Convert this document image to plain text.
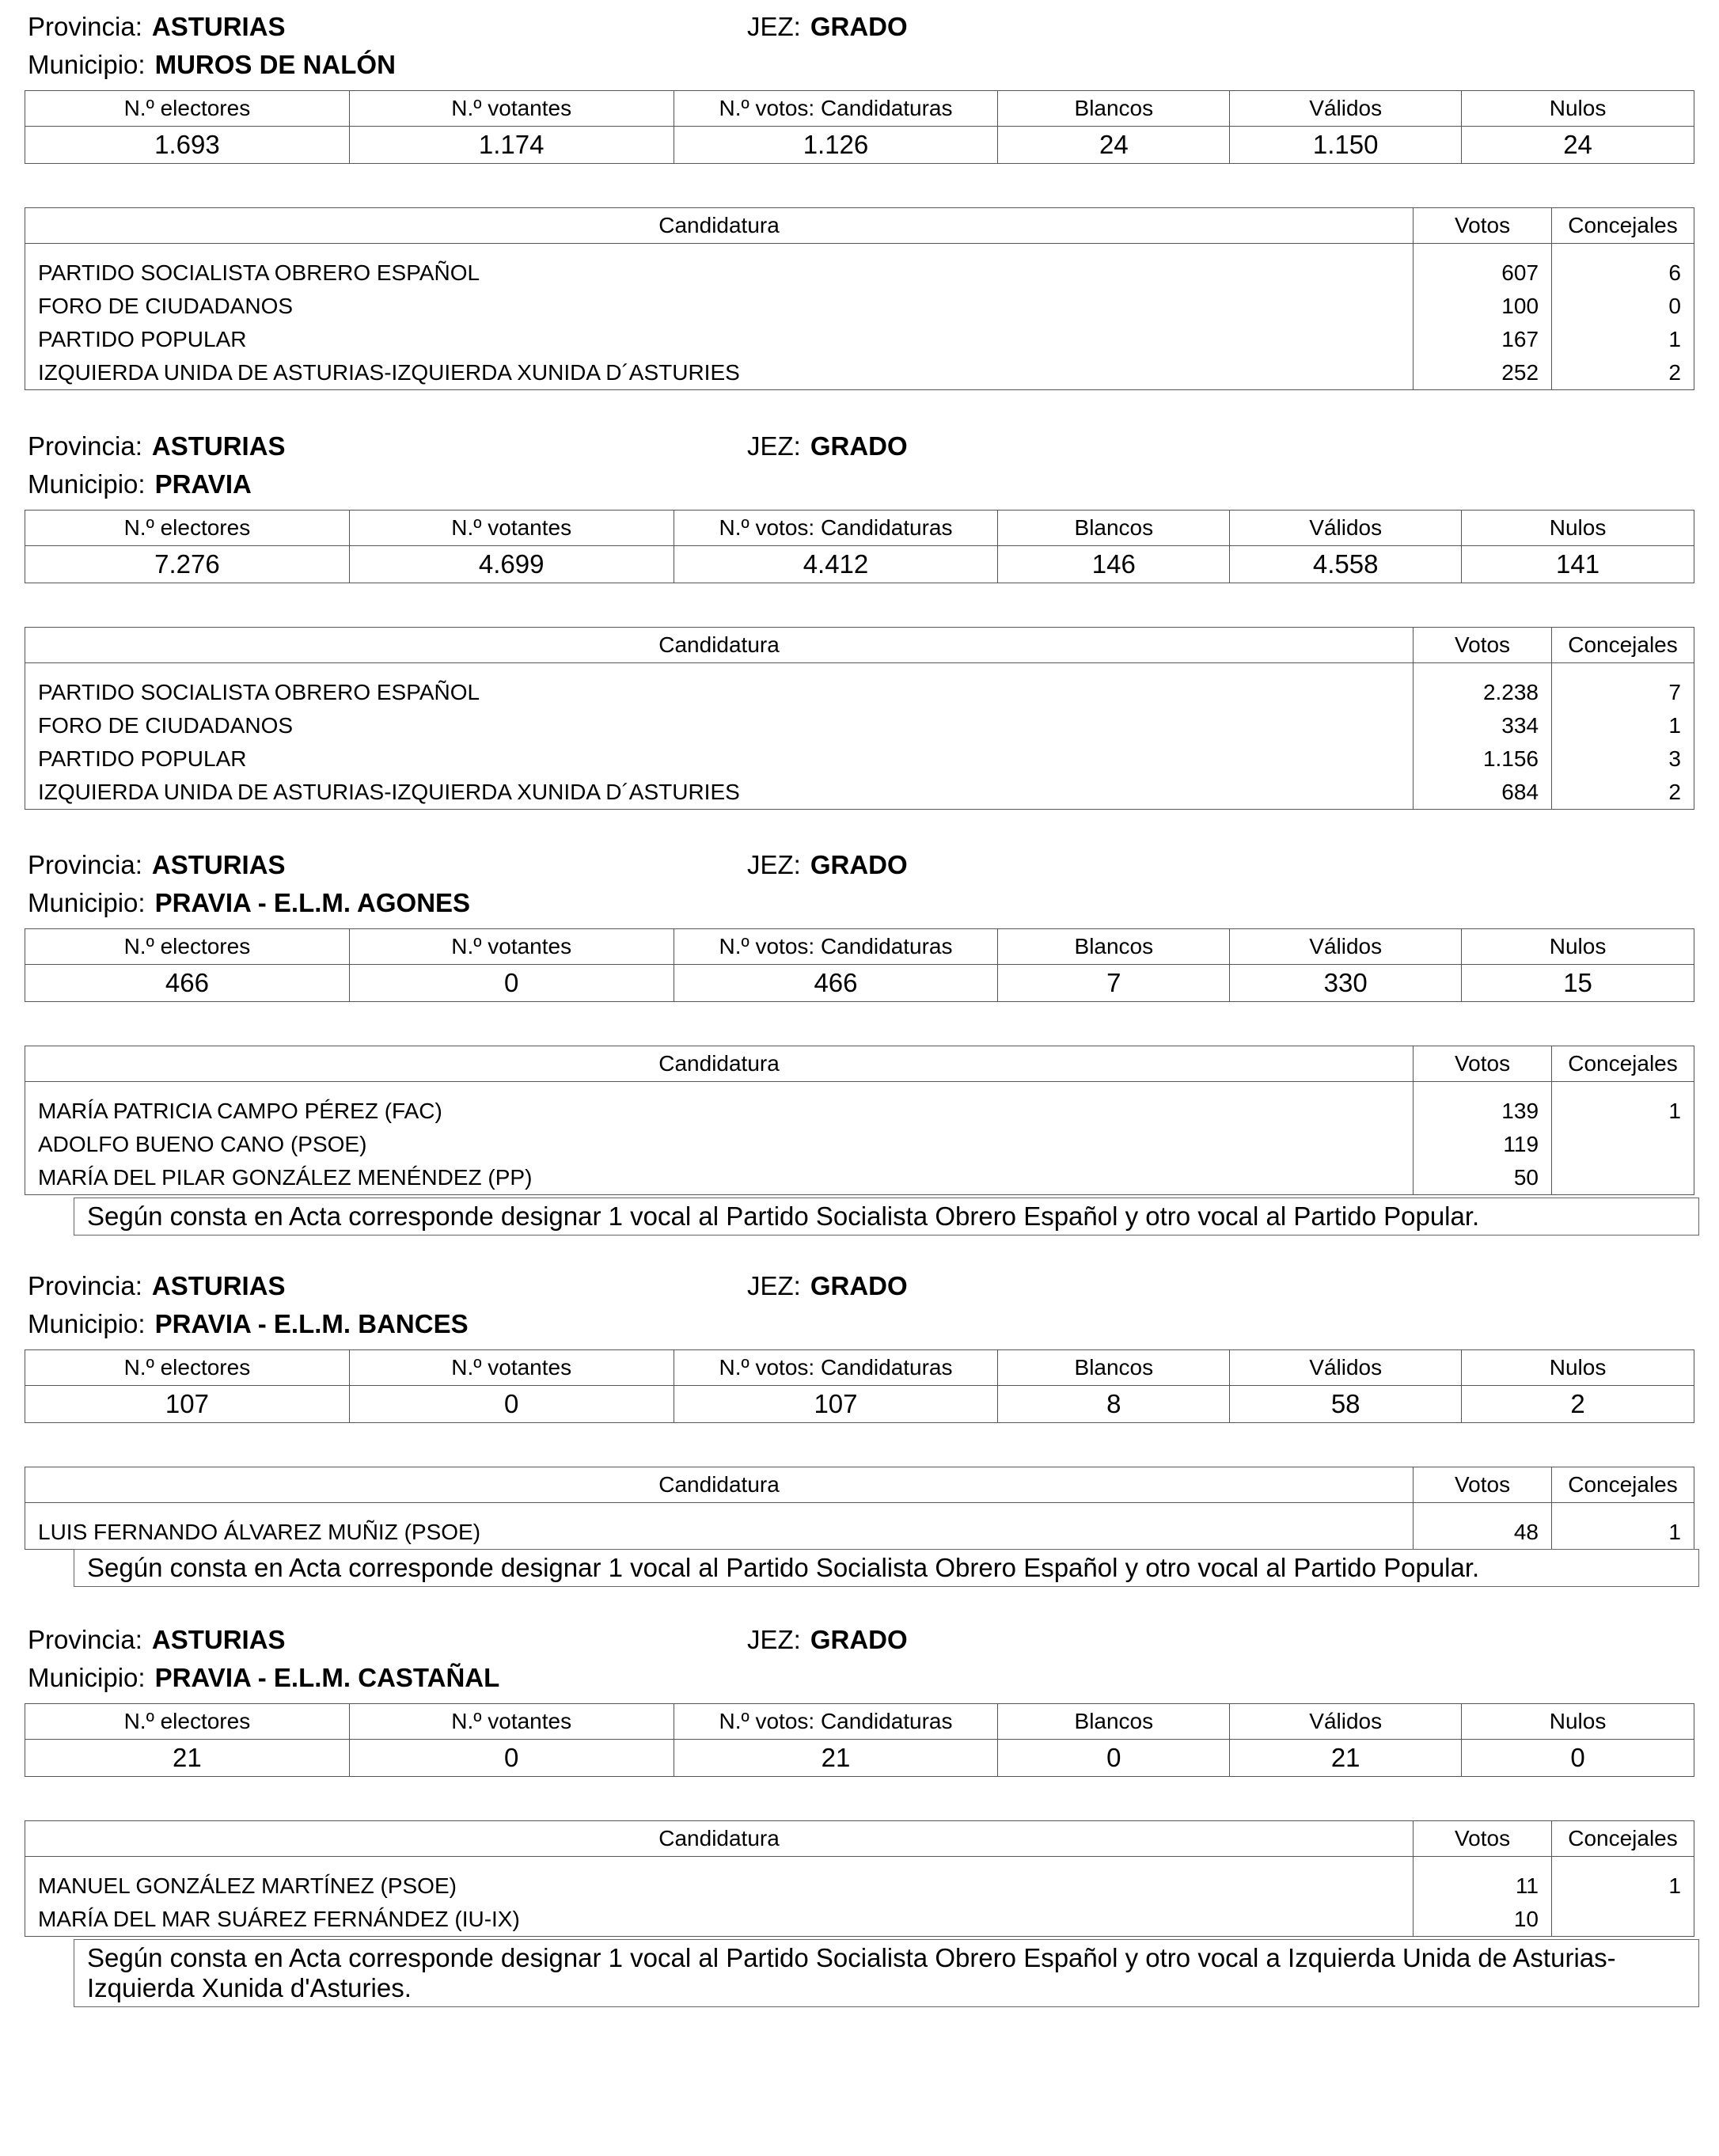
Provincia: ASTURIAS	JEZ: GRADO
Municipio: MUROS DE NALÓN
N.º electores	N.º votantes	N.º votos: Candidaturas	Blancos	Válidos	Nulos
1.693	1.174	1.126	24	1.150	24
Candidatura	Votos	Concejales
PARTIDO SOCIALISTA OBRERO ESPAÑOL	607	6
FORO DE CIUDADANOS	100	0
PARTIDO POPULAR	167	1
IZQUIERDA UNIDA DE ASTURIAS-IZQUIERDA XUNIDA D´ASTURIES	252	2
Provincia: ASTURIAS	JEZ: GRADO
Municipio: PRAVIA
N.º electores	N.º votantes	N.º votos: Candidaturas	Blancos	Válidos	Nulos
7.276	4.699	4.412	146	4.558	141
Candidatura	Votos	Concejales
PARTIDO SOCIALISTA OBRERO ESPAÑOL	2.238	7
FORO DE CIUDADANOS	334	1
PARTIDO POPULAR	1.156	3
IZQUIERDA UNIDA DE ASTURIAS-IZQUIERDA XUNIDA D´ASTURIES	684	2
Provincia: ASTURIAS	JEZ: GRADO
Municipio: PRAVIA - E.L.M. AGONES
N.º electores	N.º votantes	N.º votos: Candidaturas	Blancos	Válidos	Nulos
466	0	466	7	330	15
Candidatura	Votos	Concejales
MARÍA PATRICIA CAMPO PÉREZ (FAC)	139	1
ADOLFO BUENO CANO (PSOE)	119	
MARÍA DEL PILAR GONZÁLEZ MENÉNDEZ (PP)	50	
Según consta en Acta corresponde designar 1 vocal al Partido Socialista Obrero Español y otro vocal al Partido Popular.
Provincia: ASTURIAS	JEZ: GRADO
Municipio: PRAVIA - E.L.M. BANCES
N.º electores	N.º votantes	N.º votos: Candidaturas	Blancos	Válidos	Nulos
107	0	107	8	58	2
Candidatura	Votos	Concejales
LUIS FERNANDO ÁLVAREZ MUÑIZ (PSOE)	48	1
Según consta en Acta corresponde designar 1 vocal al Partido Socialista Obrero Español y otro vocal al Partido Popular.
Provincia: ASTURIAS	JEZ: GRADO
Municipio: PRAVIA - E.L.M. CASTAÑAL
N.º electores	N.º votantes	N.º votos: Candidaturas	Blancos	Válidos	Nulos
21	0	21	0	21	0
Candidatura	Votos	Concejales
MANUEL GONZÁLEZ MARTÍNEZ (PSOE)	11	1
MARÍA DEL MAR SUÁREZ FERNÁNDEZ (IU-IX)	10	
Según consta en Acta corresponde designar 1 vocal al Partido Socialista Obrero Español y otro vocal a Izquierda Unida de Asturias-Izquierda Xunida d'Asturies.
